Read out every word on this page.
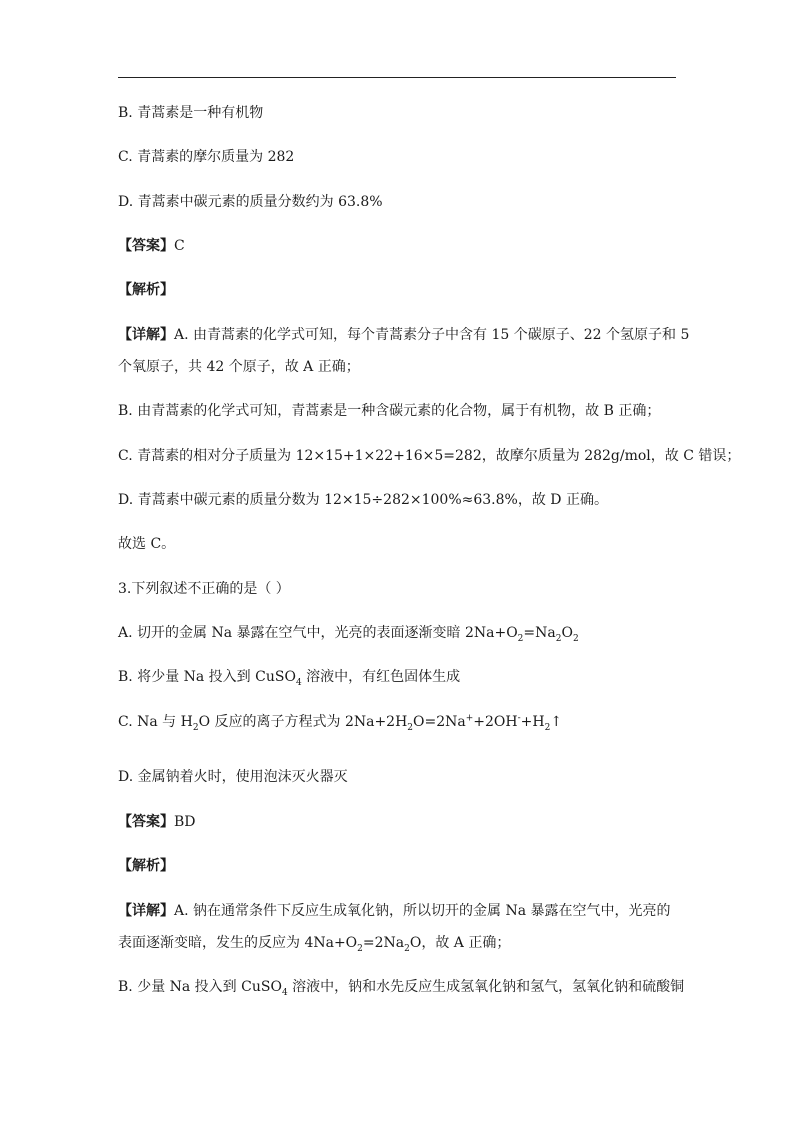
B. 青蒿素是一种有机物
C. 青蒿素的摩尔质量为 282
D. 青蒿素中碳元素的质量分数约为 63.8%
【答案】C
【解析】
【详解】A. 由青蒿素的化学式可知，每个青蒿素分子中含有 15 个碳原子、22 个氢原子和 5
个氧原子，共 42 个原子，故 A 正确；
B. 由青蒿素的化学式可知，青蒿素是一种含碳元素的化合物，属于有机物，故 B 正确；
C. 青蒿素的相对分子质量为 12×15+1×22+16×5=282，故摩尔质量为 282g/mol，故 C 错误；
D. 青蒿素中碳元素的质量分数为 12×15÷282×100%≈63.8%，故 D 正确。
故选 C。
3.下列叙述不正确的是（ ）
A. 切开的金属 Na 暴露在空气中，光亮的表面逐渐变暗 $2Na+O_2=Na_2O_2$
B. 将少量 Na 投入到 CuSO$_4$ 溶液中，有红色固体生成
C. Na 与 $H_2O$ 反应的离子方程式为 $2Na+2H_2O=2Na^++2OH^-+H_2↑$
D. 金属钠着火时，使用泡沫灭火器灭
【答案】BD
【解析】
【详解】A. 钠在通常条件下反应生成氧化钠，所以切开的金属 Na 暴露在空气中，光亮的
表面逐渐变暗，发生的反应为 $4Na+O_2=2Na_2O$，故 A 正确；
B. 少量 Na 投入到 CuSO$_4$ 溶液中，钠和水先反应生成氢氧化钠和氢气，氢氧化钠和硫酸铜
